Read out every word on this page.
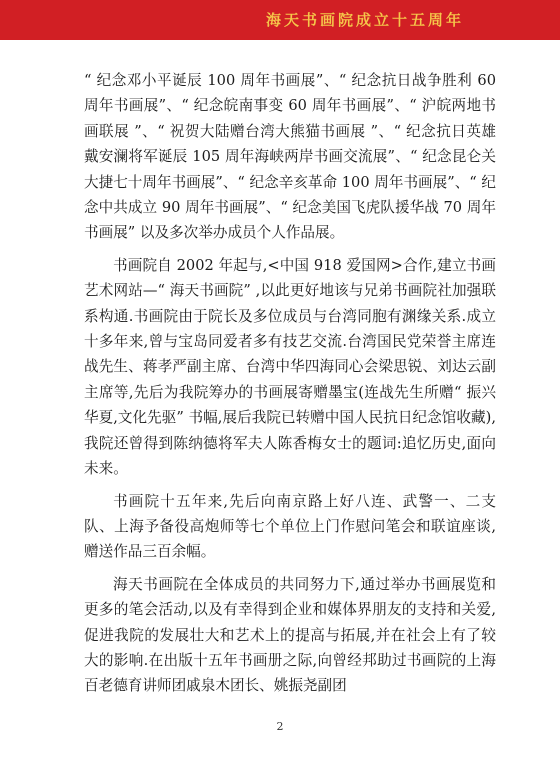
海天书画院成立十五周年

“ 纪念邓小平诞辰 100 周年书画展”、“ 纪念抗日战争胜利 60 周年书画展”、“ 纪念皖南事变 60 周年书画展”、“ 沪皖两地书画联展 ”、“ 祝贺大陆赠台湾大熊猫书画展 ”、“ 纪念抗日英雄戴安澜将军诞辰 105 周年海峡两岸书画交流展”、“ 纪念昆仑关大捷七十周年书画展”、“ 纪念辛亥革命 100 周年书画展”、“ 纪念中共成立 90 周年书画展”、“ 纪念美国飞虎队援华战 70 周年书画展” 以及多次举办成员个人作品展。

书画院自 2002 年起与,<中国 918 爱国网>合作,建立书画艺术网站—“ 海天书画院” ,以此更好地该与兄弟书画院社加强联系构通.书画院由于院长及多位成员与台湾同胞有渊缘关系.成立十多年来,曾与宝岛同爱者多有技艺交流.台湾国民党荣誉主席连战先生、蒋孝严副主席、台湾中华四海同心会梁思锐、刘达云副主席等,先后为我院筹办的书画展寄赠墨宝(连战先生所赠“ 振兴华夏,文化先驱” 书幅,展后我院已转赠中国人民抗日纪念馆收藏),我院还曾得到陈纳德将军夫人陈香梅女士的题词:追忆历史,面向未来。

书画院十五年来,先后向南京路上好八连、武警一、二支队、上海予备役高炮师等七个单位上门作慰问笔会和联谊座谈,赠送作品三百余幅。

海天书画院在全体成员的共同努力下,通过举办书画展览和更多的笔会活动,以及有幸得到企业和媒体界朋友的支持和关爱,促进我院的发展壮大和艺术上的提高与拓展,并在社会上有了较大的影响.在出版十五年书画册之际,向曾经邦助过书画院的上海百老德育讲师团戚泉木团长、姚振尧副团

2
